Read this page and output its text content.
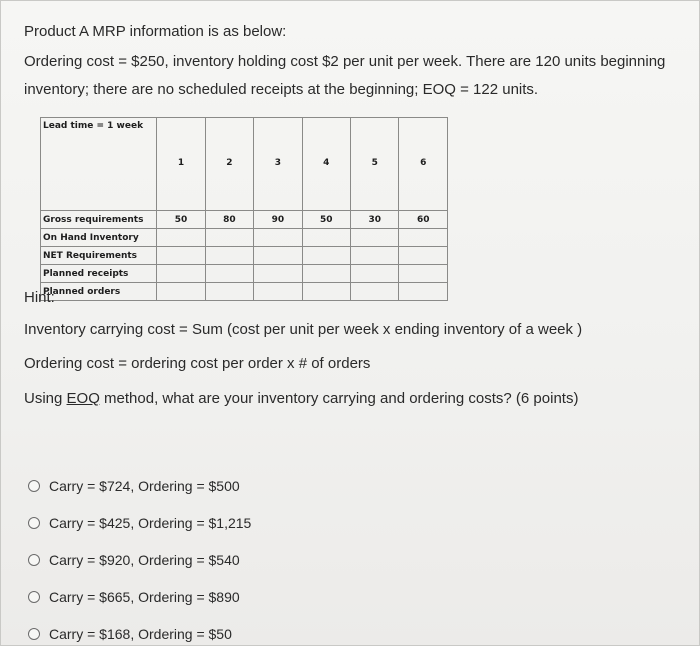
Product A MRP information is as below:
Ordering cost = $250, inventory holding cost $2 per unit per week. There are 120 units beginning
inventory; there are no scheduled receipts at the beginning; EOQ = 122 units.
Lead time = 1 week	1	2	3	4	5	6
Gross requirements	50	80	90	50	30	60
On Hand Inventory						
NET Requirements						
Planned receipts						
Planned orders						
Hint:
Inventory carrying cost = Sum (cost per unit per week x ending inventory of a week )
Ordering cost = ordering cost per order x # of orders
Using EOQ method, what are your inventory carrying and ordering costs? (6 points)
Carry = $724, Ordering = $500
Carry = $425, Ordering = $1,215
Carry = $920, Ordering = $540
Carry = $665, Ordering = $890
Carry = $168, Ordering = $50
